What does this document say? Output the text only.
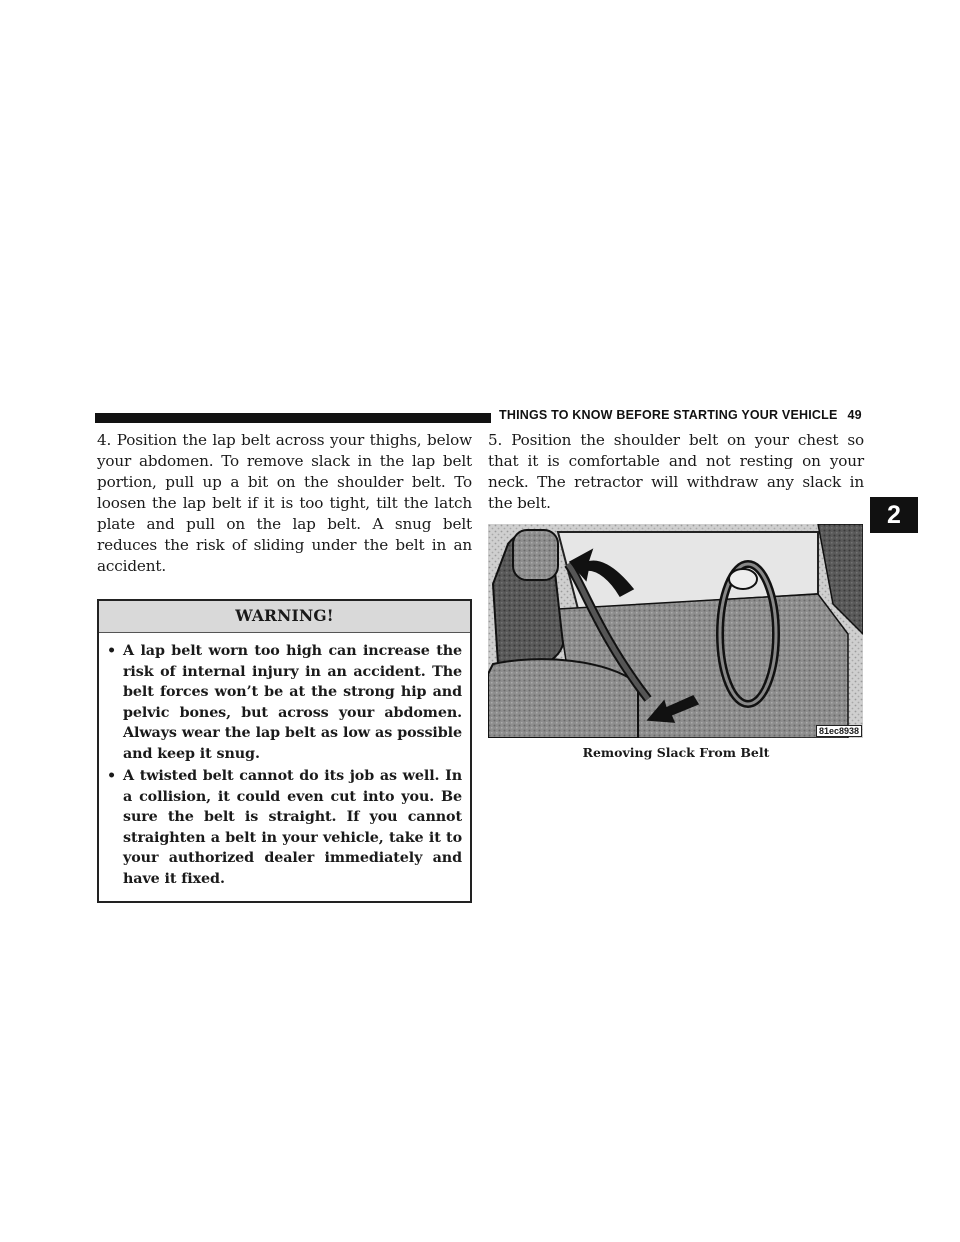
THINGS TO KNOW BEFORE STARTING YOUR VEHICLE 49
2

4. Position the lap belt across your thighs, below your abdomen. To remove slack in the lap belt portion, pull up a bit on the shoulder belt. To loosen the lap belt if it is too tight, tilt the latch plate and pull on the lap belt. A snug belt reduces the risk of sliding under the belt in an accident.

WARNING!
• A lap belt worn too high can increase the risk of internal injury in an accident. The belt forces won’t be at the strong hip and pelvic bones, but across your abdomen. Always wear the lap belt as low as possible and keep it snug.
• A twisted belt cannot do its job as well. In a collision, it could even cut into you. Be sure the belt is straight. If you cannot straighten a belt in your vehicle, take it to your authorized dealer immediately and have it fixed.

5. Position the shoulder belt on your chest so that it is comfortable and not resting on your neck. The retractor will withdraw any slack in the belt.

81ec8938
Removing Slack From Belt
